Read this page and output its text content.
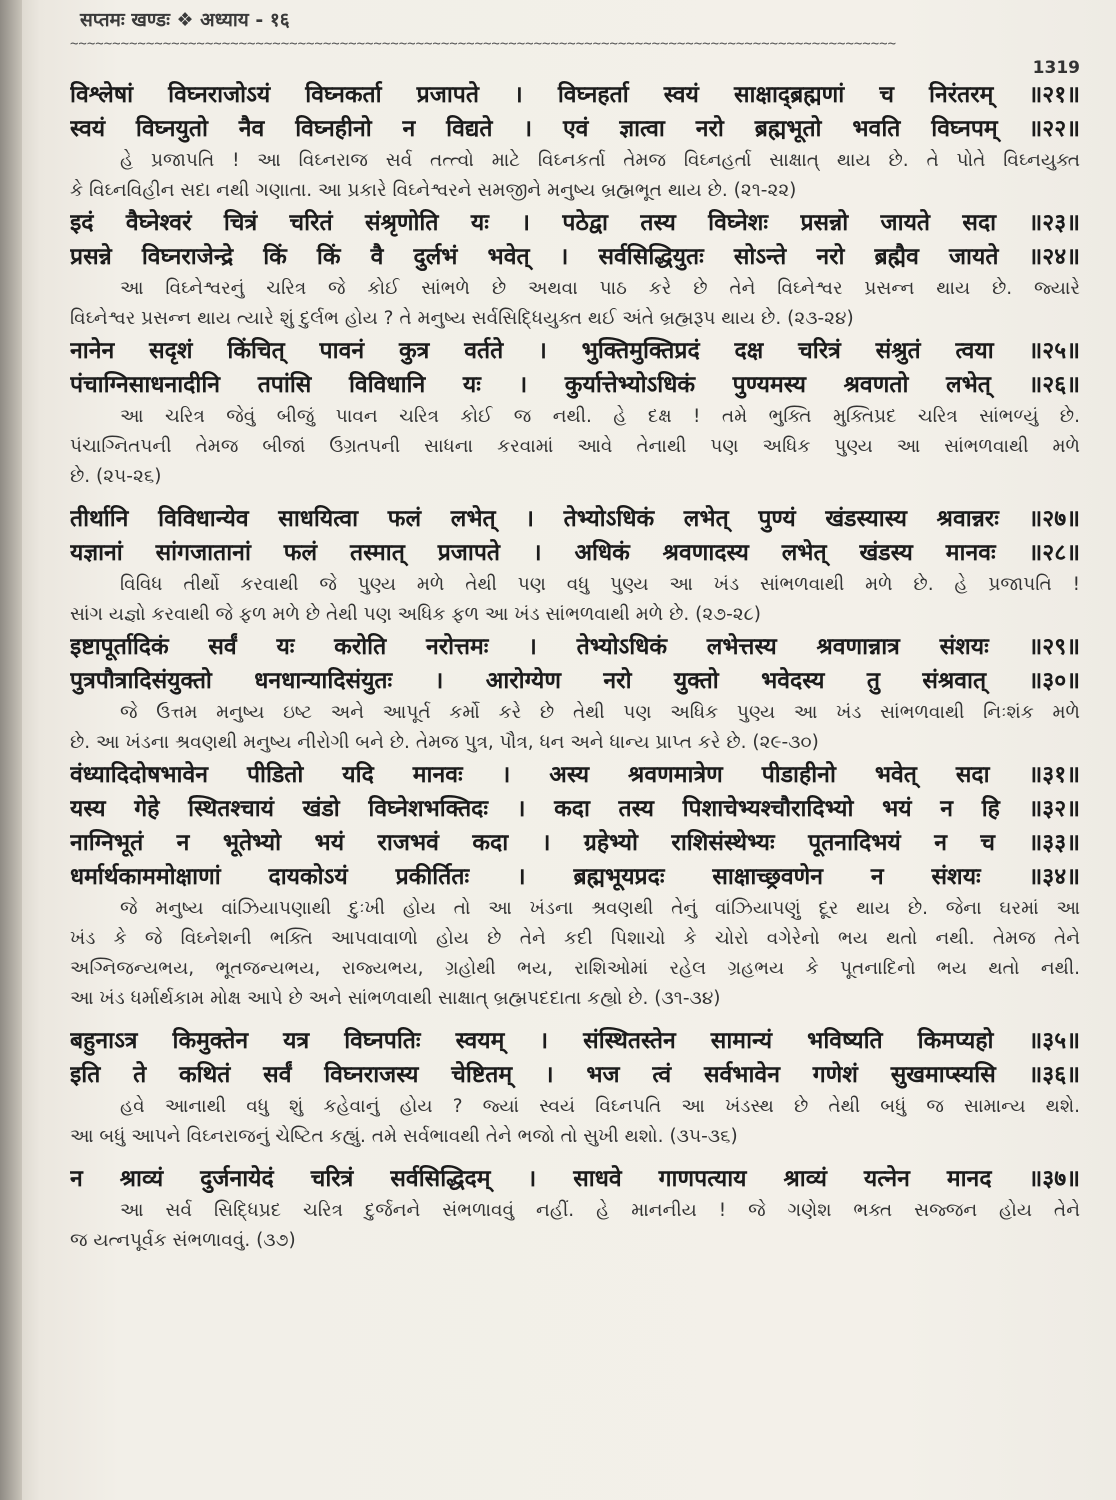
सप्तमः खण्डः ❖ अध्याय - १६
~~~~~~~~~~~~~~~~~~~~~~~~~~~~~~~~~~~~~~~~~~~~~~~~~~~~~~~~~~~~~~~~~~~~~~~~~~~~~~~~~~~~~~~~~~~~~~~~~~
1319
विश्लेषां विघ्नराजोऽयं विघ्नकर्ता प्रजापते । विघ्नहर्ता स्वयं साक्षाद्ब्रह्मणां च निरंतरम् ॥२१॥
स्वयं विघ्नयुतो नैव विघ्नहीनो न विद्यते । एवं ज्ञात्वा नरो ब्रह्मभूतो भवति विघ्नपम् ॥२२॥
હે પ્રજાપતિ ! આ વિઘ્નરાજ સર્વ તત્ત્વો માટે વિઘ્નકર્તા તેમજ વિઘ્નહર્તા સાક્ષાત્ થાય છે. તે પોતે વિઘ્નયુક્ત
કે વિઘ્નવિહીન સદા નથી ગણાતા. આ પ્રકારે વિઘ્નેશ્વરને સમજીને મનુષ્ય બ્રહ્મભૂત થાય છે. (૨૧-૨૨)
इदं वैघ्नेश्वरं चित्रं चरितं संश्रृणोति यः । पठेद्वा तस्य विघ्नेशः प्रसन्नो जायते सदा ॥२३॥
प्रसन्ने विघ्नराजेन्द्रे किं किं वै दुर्लभं भवेत् । सर्वसिद्धियुतः सोऽन्ते नरो ब्रह्मैव जायते ॥२४॥
આ વિઘ્નેશ્વરનું ચરિત્ર જે કોઈ સાંભળે છે અથવા પાઠ કરે છે તેને વિઘ્નેશ્વર પ્રસન્ન થાય છે. જ્યારે
વિઘ્નેશ્વર પ્રસન્ન થાય ત્યારે શું દુર્લભ હોય ? તે મનુષ્ય સર્વસિદ્ધિયુક્ત થઈ અંતે બ્રહ્મરૂપ થાય છે. (૨૩-૨૪)
नानेन सदृशं किंचित् पावनं कुत्र वर्तते । भुक्तिमुक्तिप्रदं दक्ष चरित्रं संश्रुतं त्वया ॥२५॥
पंचाग्निसाधनादीनि तपांसि विविधानि यः । कुर्यात्तेभ्योऽधिकं पुण्यमस्य श्रवणतो लभेत् ॥२६॥
આ ચરિત્ર જેવું બીજું પાવન ચરિત્ર કોઈ જ નથી. હે દક્ષ ! તમે ભુક્તિ મુક્તિપ્રદ ચરિત્ર સાંભળ્યું છે.
પંચાગ્નિતપની તેમજ બીજાં ઉગ્રતપની સાધના કરવામાં આવે તેનાથી પણ અધિક પુણ્ય આ સાંભળવાથી મળે
છે. (૨૫-૨૬)
तीर्थानि विविधान्येव साधयित्वा फलं लभेत् । तेभ्योऽधिकं लभेत् पुण्यं खंडस्यास्य श्रवान्नरः ॥२७॥
यज्ञानां सांगजातानां फलं तस्मात् प्रजापते । अधिकं श्रवणादस्य लभेत् खंडस्य मानवः ॥२८॥
વિવિધ તીર્થો કરવાથી જે પુણ્ય મળે તેથી પણ વધુ પુણ્ય આ ખંડ સાંભળવાથી મળે છે. હે પ્રજાપતિ !
સાંગ યજ્ઞો કરવાથી જે ફળ મળે છે તેથી પણ અધિક ફળ આ ખંડ સાંભળવાથી મળે છે. (૨૭-૨૮)
इष्टापूर्तादिकं सर्वं यः करोति नरोत्तमः । तेभ्योऽधिकं लभेत्तस्य श्रवणान्नात्र संशयः ॥२९॥
पुत्रपौत्रादिसंयुक्तो धनधान्यादिसंयुतः । आरोग्येण नरो युक्तो भवेदस्य तु संश्रवात् ॥३०॥
જે ઉત્તમ મનુષ્ય ઇષ્ટ અને આપૂર્ત કર્મો કરે છે તેથી પણ અધિક પુણ્ય આ ખંડ સાંભળવાથી નિઃશંક મળે
છે. આ ખંડના શ્રવણથી મનુષ્ય નીરોગી બને છે. તેમજ પુત્ર, પૌત્ર, ધન અને ધાન્ય પ્રાપ્ત કરે છે. (૨૯-૩૦)
वंध्यादिदोषभावेन पीडितो यदि मानवः । अस्य श्रवणमात्रेण पीडाहीनो भवेत् सदा ॥३१॥
यस्य गेहे स्थितश्चायं खंडो विघ्नेशभक्तिदः । कदा तस्य पिशाचेभ्यश्चौरादिभ्यो भयं न हि ॥३२॥
नाग्निभूतं न भूतेभ्यो भयं राजभवं कदा । ग्रहेभ्यो राशिसंस्थेभ्यः पूतनादिभयं न च ॥३३॥
धर्मार्थकाममोक्षाणां दायकोऽयं प्रकीर्तितः । ब्रह्मभूयप्रदः साक्षाच्छ्रवणेन न संशयः ॥३४॥
જે મનુષ્ય વાંઝિયાપણાથી દુઃખી હોય તો આ ખંડના શ્રવણથી તેનું વાંઝિયાપણું દૂર થાય છે. જેના ઘરમાં આ
ખંડ કે જે વિઘ્નેશની ભક્તિ આપવાવાળો હોય છે તેને કદી પિશાચો કે ચોરો વગેરેનો ભય થતો નથી. તેમજ તેને
અગ્નિજન્યભય, ભૂતજન્યભય, રાજ્યભય, ગ્રહોથી ભય, રાશિઓમાં રહેલ ગ્રહભય કે પૂતનાદિનો ભય થતો નથી.
આ ખંડ ધર્માર્થકામ મોક્ષ આપે છે અને સાંભળવાથી સાક્ષાત્ બ્રહ્મપદદાતા કહ્યો છે. (૩૧-૩૪)
बहुनाऽत्र किमुक्तेन यत्र विघ्नपतिः स्वयम् । संस्थितस्तेन सामान्यं भविष्यति किमप्यहो ॥३५॥
इति ते कथितं सर्वं विघ्नराजस्य चेष्टितम् । भज त्वं सर्वभावेन गणेशं सुखमाप्स्यसि ॥३६॥
હવે આનાથી વધુ શું કહેવાનું હોય ? જ્યાં સ્વયં વિઘ્નપતિ આ ખંડસ્થ છે તેથી બધું જ સામાન્ય થશે.
આ બધું આપને વિઘ્નરાજનું ચેષ્ટિત કહ્યું. તમે સર્વભાવથી તેને ભજો તો સુખી થશો. (૩૫-૩૬)
न श्राव्यं दुर्जनायेदं चरित्रं सर्वसिद्धिदम् । साधवे गाणपत्याय श्राव्यं यत्नेन मानद ॥३७॥
આ સર્વ સિદ્ધિપ્રદ ચરિત્ર દુર્જનને સંભળાવવું નહીં. હે માનનીય ! જે ગણેશ ભક્ત સજ્જન હોય તેને
જ યત્નપૂર્વક સંભળાવવું. (૩૭)
